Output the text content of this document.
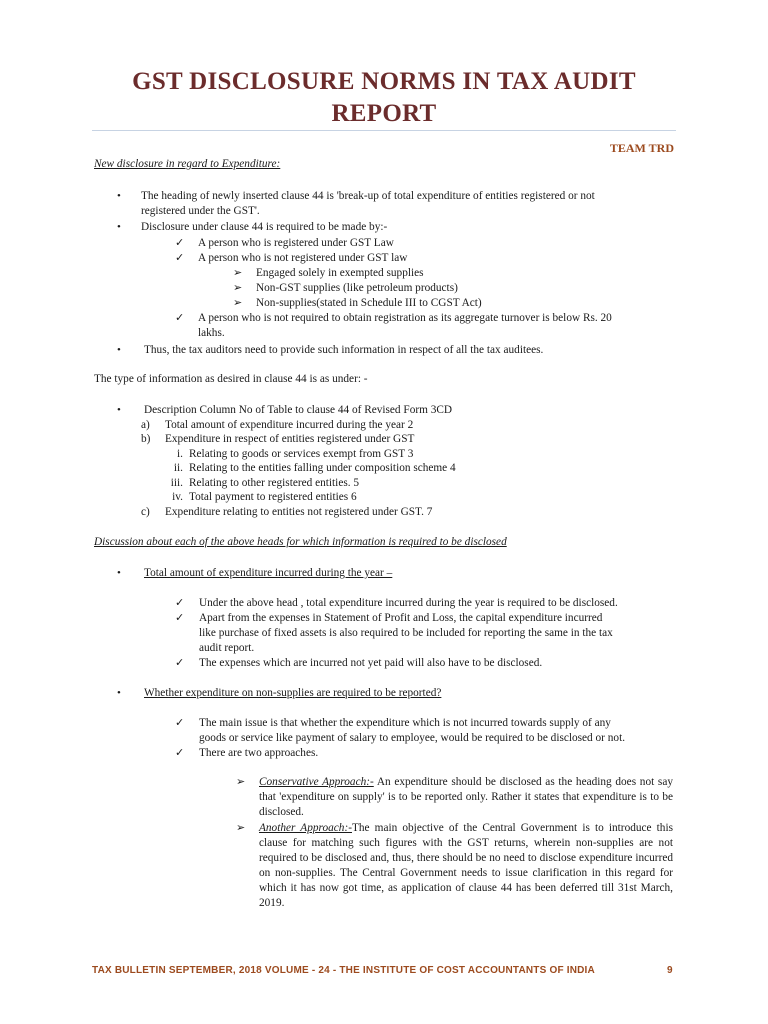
GST DISCLOSURE NORMS IN TAX AUDIT
REPORT
TEAM TRD
New disclosure in regard to Expenditure:
• The heading of newly inserted clause 44 is 'break-up of total expenditure of entities registered or not
registered under the GST'.
• Disclosure under clause 44 is required to be made by:-
✓ A person who is registered under GST Law
✓ A person who is not registered under GST law
➢ Engaged solely in exempted supplies
➢ Non-GST supplies (like petroleum products)
➢ Non-supplies(stated in Schedule III to CGST Act)
✓ A person who is not required to obtain registration as its aggregate turnover is below Rs. 20
lakhs.
• Thus, the tax auditors need to provide such information in respect of all the tax auditees.
The type of information as desired in clause 44 is as under: -
• Description Column No of Table to clause 44 of Revised Form 3CD
a) Total amount of expenditure incurred during the year 2
b) Expenditure in respect of entities registered under GST
i. Relating to goods or services exempt from GST 3
ii. Relating to the entities falling under composition scheme 4
iii. Relating to other registered entities. 5
iv. Total payment to registered entities 6
c) Expenditure relating to entities not registered under GST. 7
Discussion about each of the above heads for which information is required to be disclosed
• Total amount of expenditure incurred during the year –
✓ Under the above head , total expenditure incurred during the year is required to be disclosed.
✓ Apart from the expenses in Statement of Profit and Loss, the capital expenditure incurred
like purchase of fixed assets is also required to be included for reporting the same in the tax
audit report.
✓ The expenses which are incurred not yet paid will also have to be disclosed.
• Whether expenditure on non-supplies are required to be reported?
✓ The main issue is that whether the expenditure which is not incurred towards supply of any
goods or service like payment of salary to employee, would be required to be disclosed or not.
✓ There are two approaches.
➢ Conservative Approach:- An expenditure should be disclosed as the heading does not say that 'expenditure on supply' is to be reported only. Rather it states that expenditure is to be disclosed.
➢ Another Approach:-The main objective of the Central Government is to introduce this clause for matching such figures with the GST returns, wherein non-supplies are not required to be disclosed and, thus, there should be no need to disclose expenditure incurred on non-supplies. The Central Government needs to issue clarification in this regard for which it has now got time, as application of clause 44 has been deferred till 31st March, 2019.
TAX BULLETIN SEPTEMBER, 2018 VOLUME - 24 - THE INSTITUTE OF COST ACCOUNTANTS OF INDIA	9
